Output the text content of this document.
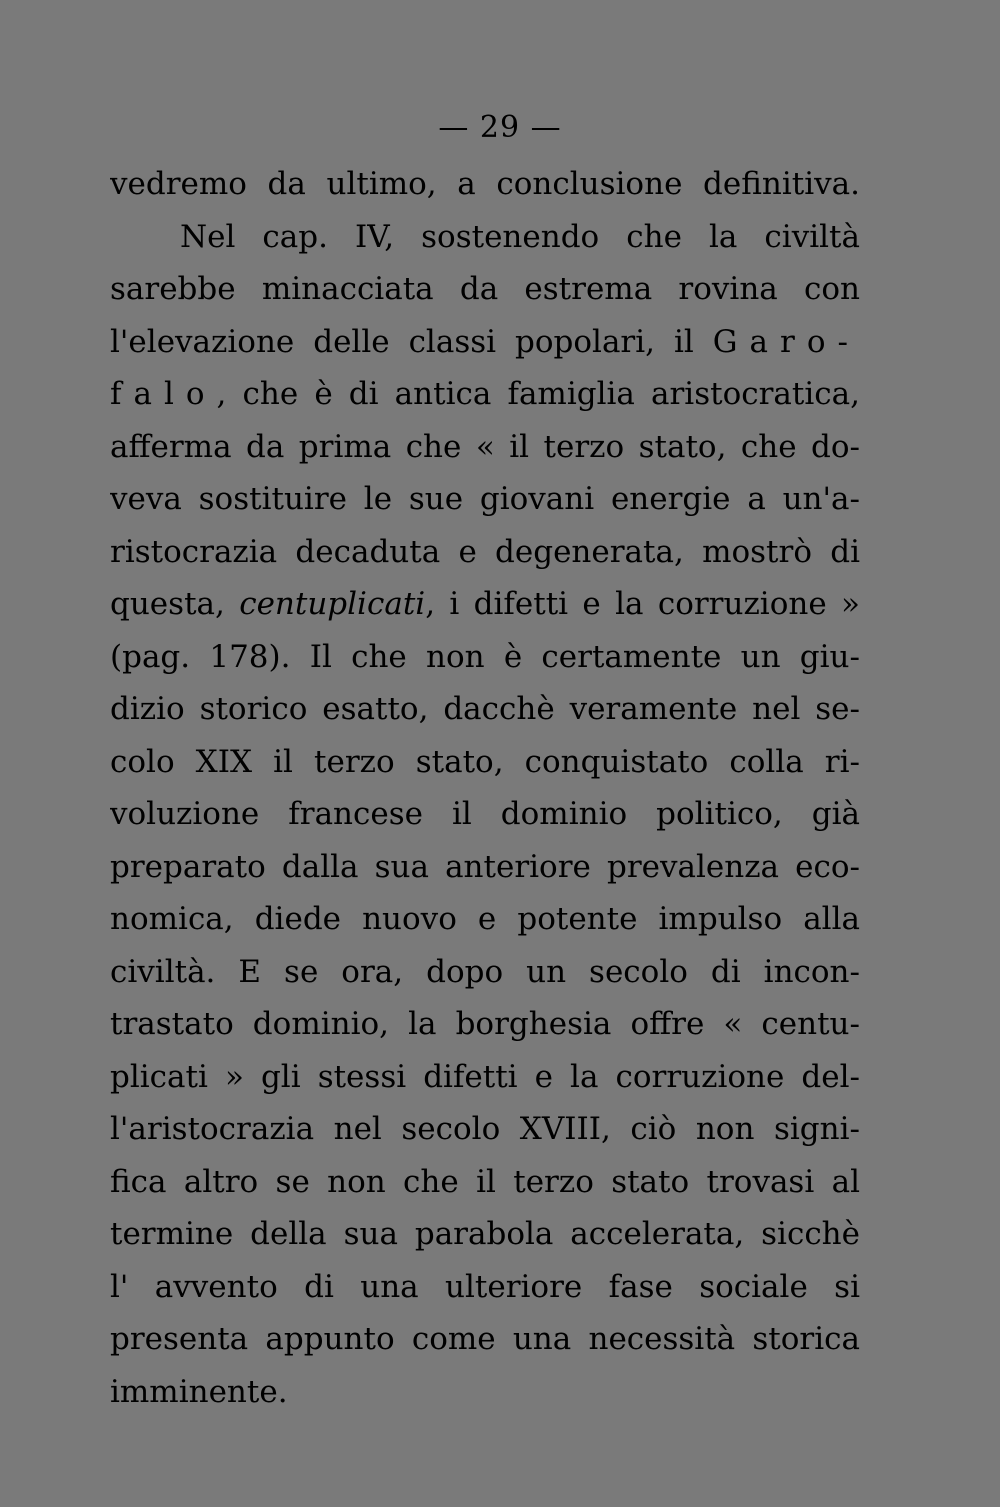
— 29 —
vedremo da ultimo, a conclusione definitiva.
Nel cap. IV, sostenendo che la civiltà
sarebbe minacciata da estrema rovina con
l'elevazione delle classi popolari, il Garo-
falo, che è di antica famiglia aristocratica,
afferma da prima che « il terzo stato, che do-
veva sostituire le sue giovani energie a un'a-
ristocrazia decaduta e degenerata, mostrò di
questa, centuplicati, i difetti e la corruzione »
(pag. 178). Il che non è certamente un giu-
dizio storico esatto, dacchè veramente nel se-
colo XIX il terzo stato, conquistato colla ri-
voluzione francese il dominio politico, già
preparato dalla sua anteriore prevalenza eco-
nomica, diede nuovo e potente impulso alla
civiltà. E se ora, dopo un secolo di incon-
trastato dominio, la borghesia offre « centu-
plicati » gli stessi difetti e la corruzione del-
l'aristocrazia nel secolo XVIII, ciò non signi-
fica altro se non che il terzo stato trovasi al
termine della sua parabola accelerata, sicchè
l' avvento di una ulteriore fase sociale si
presenta appunto come una necessità storica
imminente.
